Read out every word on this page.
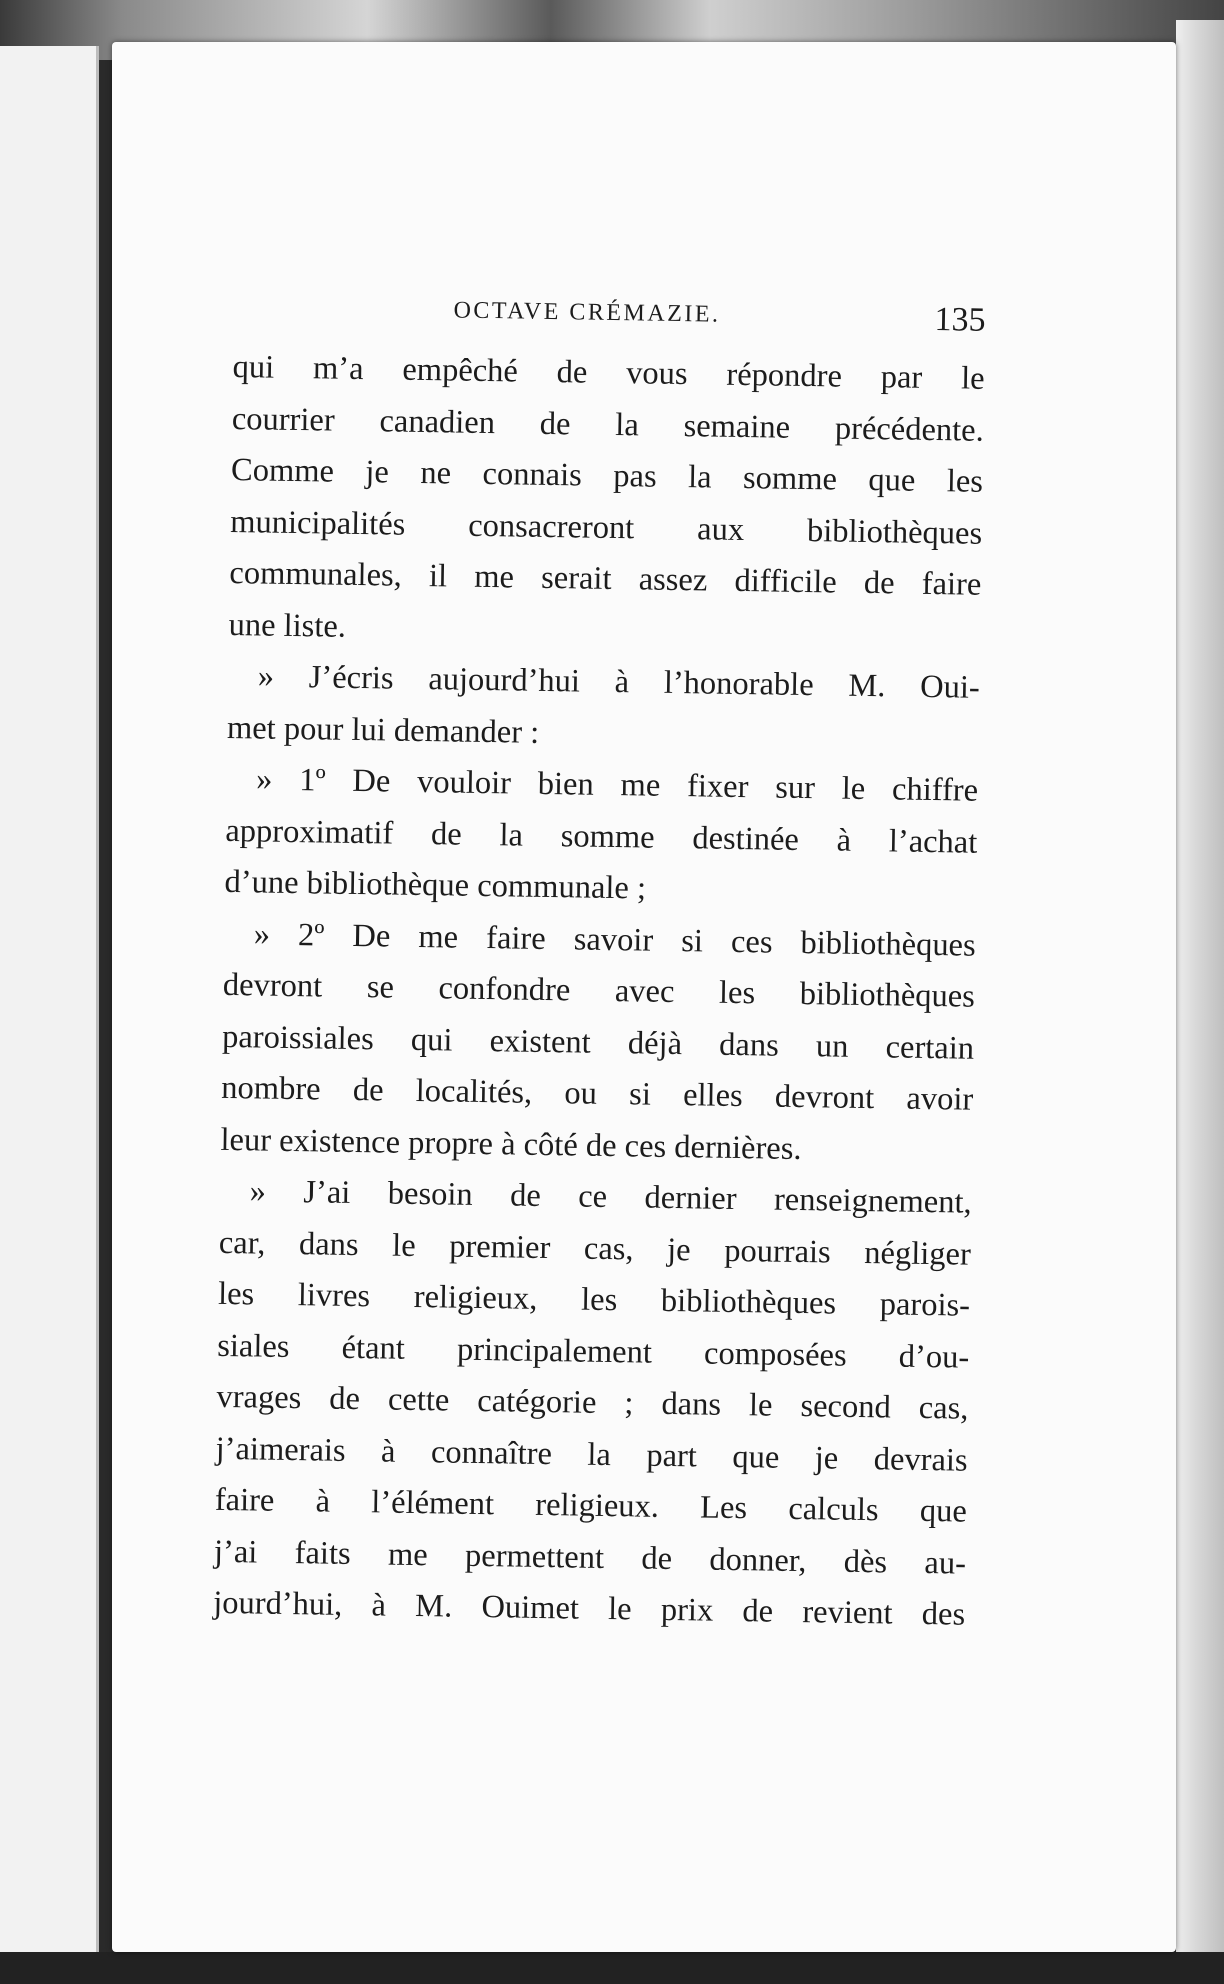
OCTAVE CRÉMAZIE.	135
qui m’a empêché de vous répondre par le
courrier canadien de la semaine précédente.
Comme je ne connais pas la somme que les
municipalités consacreront aux bibliothèques
communales, il me serait assez difficile de faire
une liste.
» J’écris aujourd’hui à l’honorable M. Oui-
met pour lui demander :
» 1º De vouloir bien me fixer sur le chiffre
approximatif de la somme destinée à l’achat
d’une bibliothèque communale ;
» 2º De me faire savoir si ces bibliothèques
devront se confondre avec les bibliothèques
paroissiales qui existent déjà dans un certain
nombre de localités, ou si elles devront avoir
leur existence propre à côté de ces dernières.
» J’ai besoin de ce dernier renseignement,
car, dans le premier cas, je pourrais négliger
les livres religieux, les bibliothèques parois-
siales étant principalement composées d’ou-
vrages de cette catégorie ; dans le second cas,
j’aimerais à connaître la part que je devrais
faire à l’élément religieux. Les calculs que
j’ai faits me permettent de donner, dès au-
jourd’hui, à M. Ouimet le prix de revient des
